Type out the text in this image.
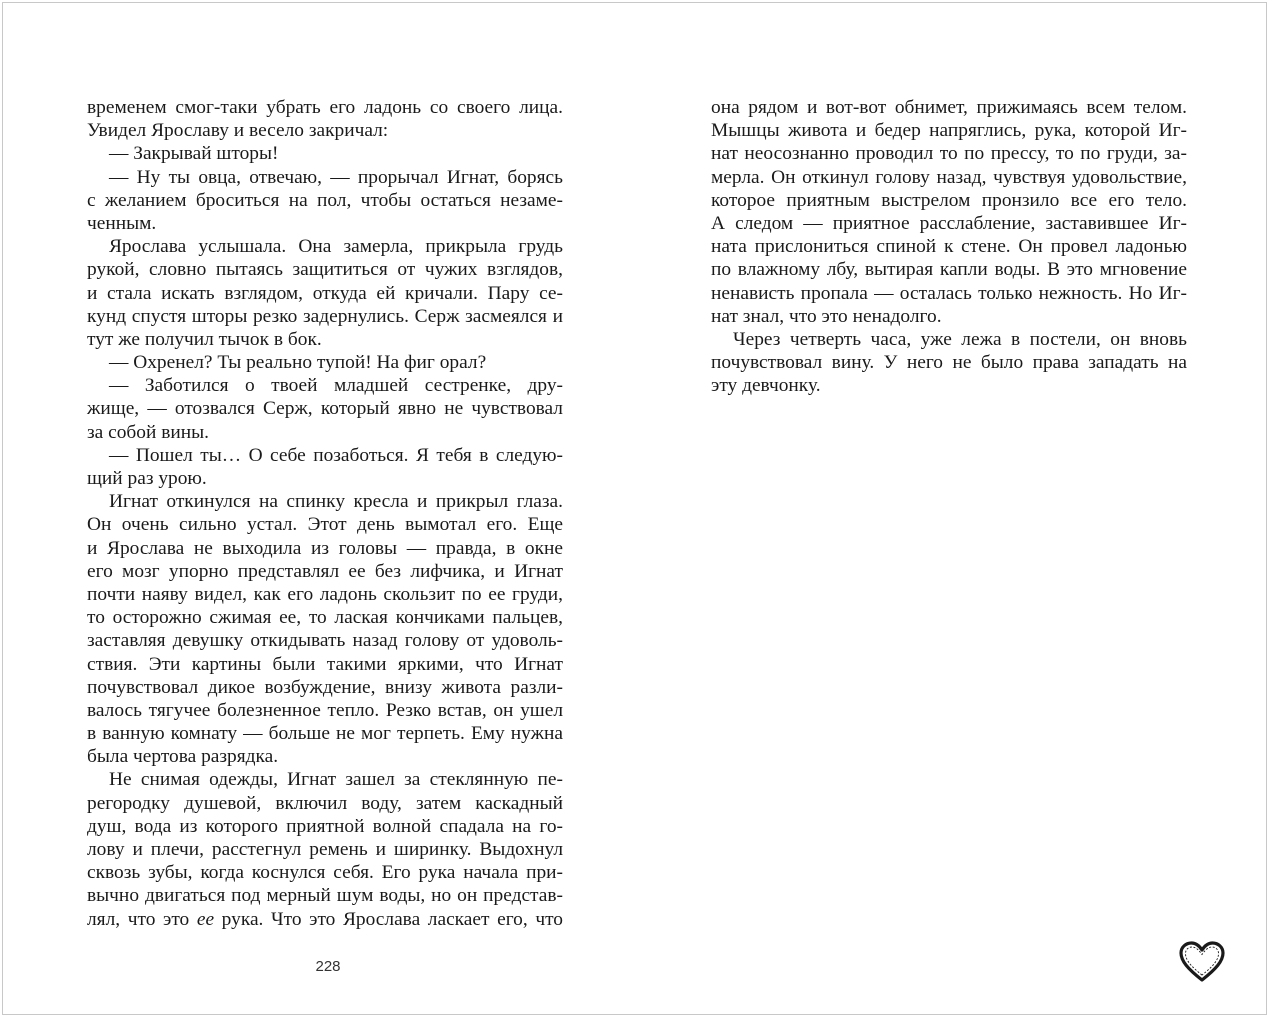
временем смог-таки убрать его ладонь со своего лица.
Увидел Ярославу и весело закричал:
— Закрывай шторы!
— Ну ты овца, отвечаю, — прорычал Игнат, борясь
с желанием броситься на пол, чтобы остаться незаме-
ченным.
Ярослава услышала. Она замерла, прикрыла грудь
рукой, словно пытаясь защититься от чужих взглядов,
и стала искать взглядом, откуда ей кричали. Пару се-
кунд спустя шторы резко задернулись. Серж засмеялся и
тут же получил тычок в бок.
— Охренел? Ты реально тупой! На фиг орал?
— Заботился о твоей младшей сестренке, дру-
жище, — отозвался Серж, который явно не чувствовал
за собой вины.
— Пошел ты… О себе позаботься. Я тебя в следую-
щий раз урою.
Игнат откинулся на спинку кресла и прикрыл глаза.
Он очень сильно устал. Этот день вымотал его. Еще
и Ярослава не выходила из головы — правда, в окне
его мозг упорно представлял ее без лифчика, и Игнат
почти наяву видел, как его ладонь скользит по ее груди,
то осторожно сжимая ее, то лаская кончиками пальцев,
заставляя девушку откидывать назад голову от удоволь-
ствия. Эти картины были такими яркими, что Игнат
почувствовал дикое возбуждение, внизу живота разли-
валось тягучее болезненное тепло. Резко встав, он ушел
в ванную комнату — больше не мог терпеть. Ему нужна
была чертова разрядка.
Не снимая одежды, Игнат зашел за стеклянную пе-
регородку душевой, включил воду, затем каскадный
душ, вода из которого приятной волной спадала на го-
лову и плечи, расстегнул ремень и ширинку. Выдохнул
сквозь зубы, когда коснулся себя. Его рука начала при-
вычно двигаться под мерный шум воды, но он представ-
лял, что это ее рука. Что это Ярослава ласкает его, что
она рядом и вот-вот обнимет, прижимаясь всем телом.
Мышцы живота и бедер напряглись, рука, которой Иг-
нат неосознанно проводил то по прессу, то по груди, за-
мерла. Он откинул голову назад, чувствуя удовольствие,
которое приятным выстрелом пронзило все его тело.
А следом — приятное расслабление, заставившее Иг-
ната прислониться спиной к стене. Он провел ладонью
по влажному лбу, вытирая капли воды. В это мгновение
ненависть пропала — осталась только нежность. Но Иг-
нат знал, что это ненадолго.
Через четверть часа, уже лежа в постели, он вновь
почувствовал вину. У него не было права западать на
эту девчонку.
228
